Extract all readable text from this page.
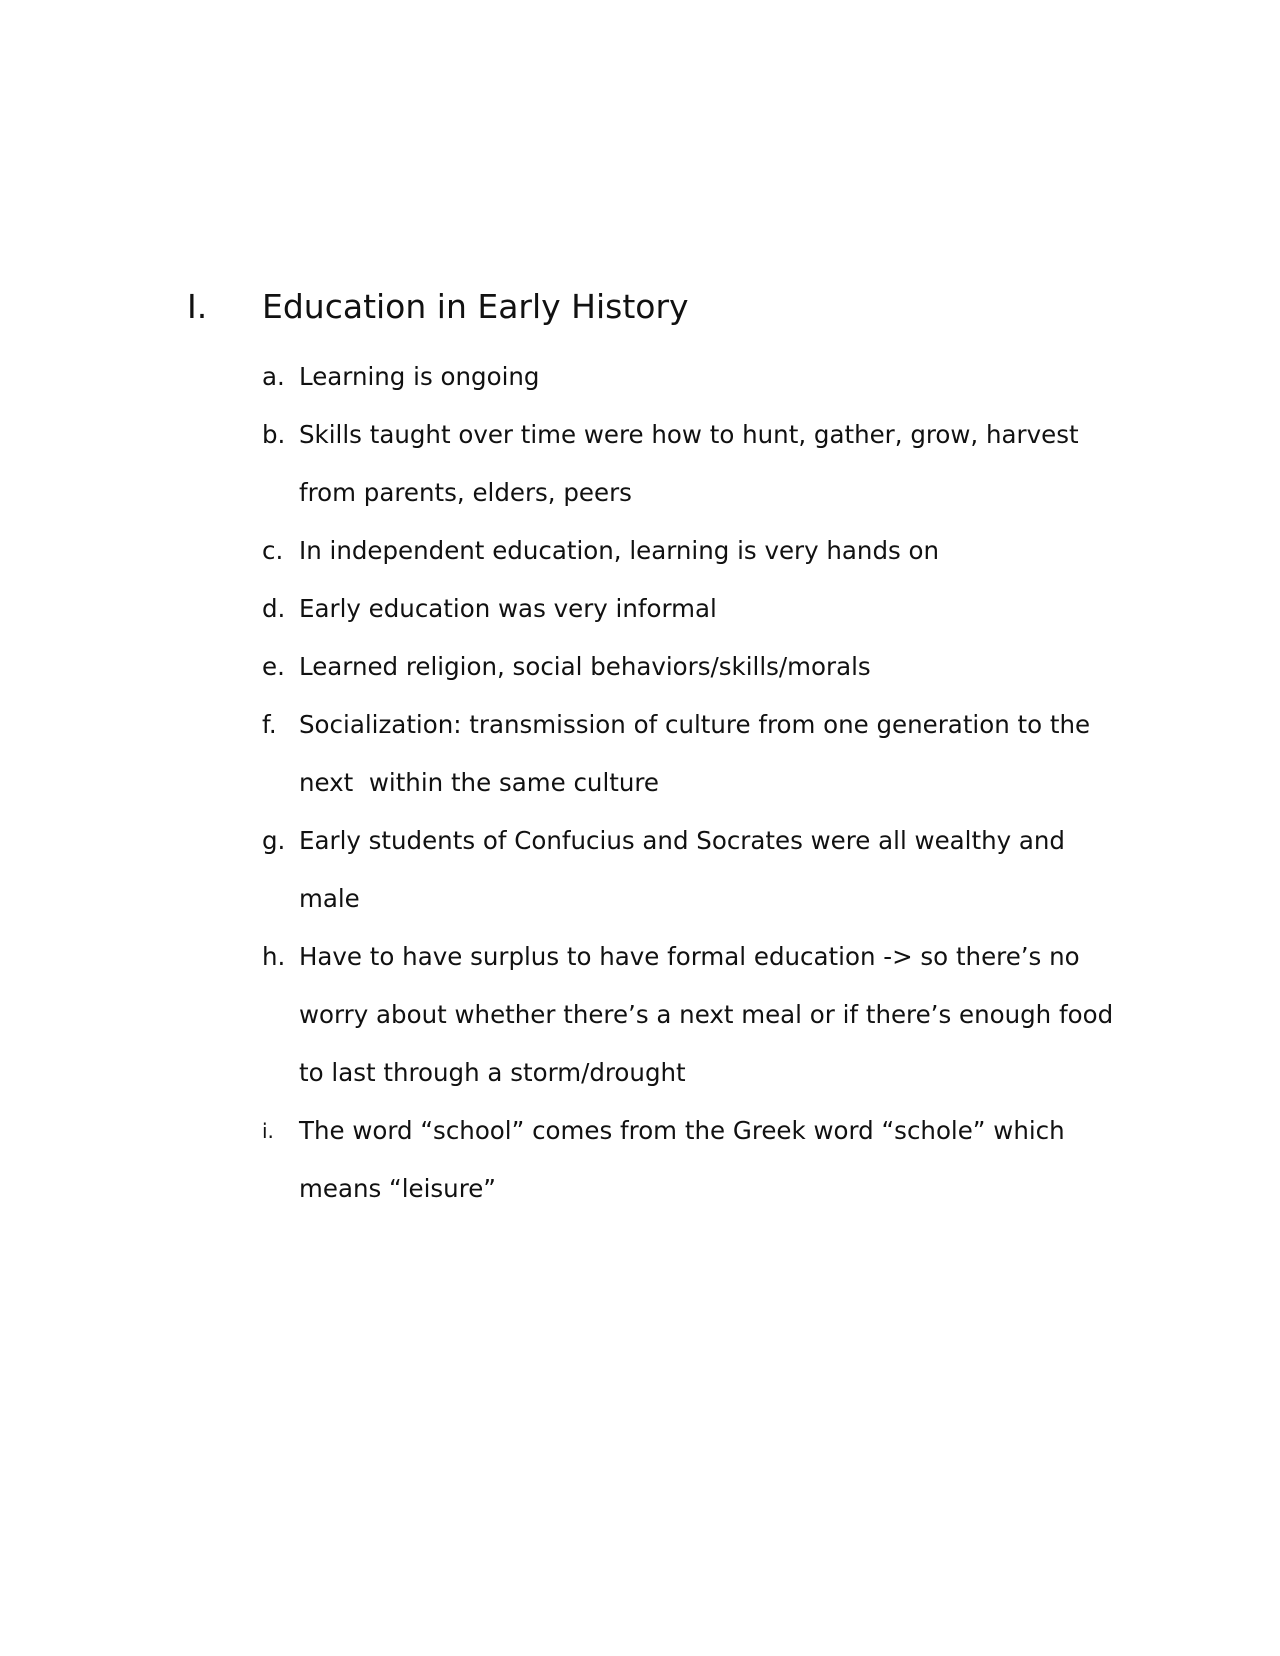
I. Education in Early History
a. Learning is ongoing
b. Skills taught over time were how to hunt, gather, grow, harvest from parents, elders, peers
c. In independent education, learning is very hands on
d. Early education was very informal
e. Learned religion, social behaviors/skills/morals
f. Socialization: transmission of culture from one generation to the next  within the same culture
g. Early students of Confucius and Socrates were all wealthy and male
h. Have to have surplus to have formal education -> so there’s no worry about whether there’s a next meal or if there’s enough food to last through a storm/drought
i. The word “school” comes from the Greek word “schole” which means “leisure”
